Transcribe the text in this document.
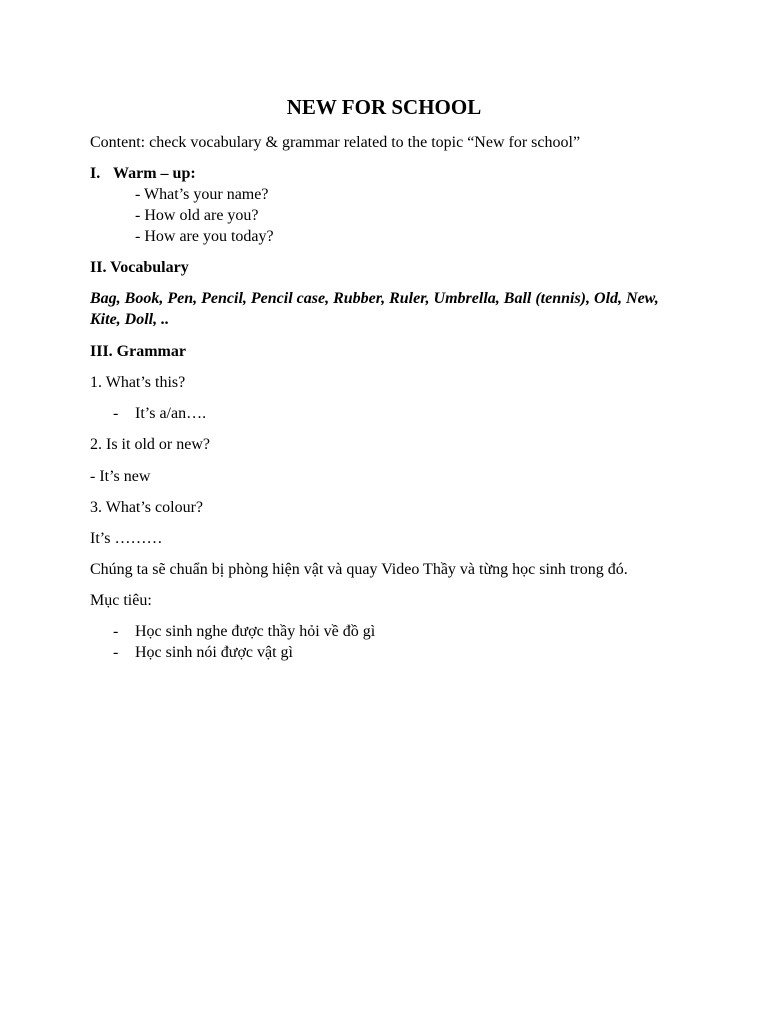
NEW FOR SCHOOL
Content: check vocabulary & grammar related to the topic “New for school”
I. Warm – up:
- What’s your name?
- How old are you?
- How are you today?
II. Vocabulary
Bag, Book, Pen, Pencil, Pencil case, Rubber, Ruler, Umbrella, Ball (tennis), Old, New,
Kite, Doll, ..
III. Grammar
1. What’s this?
- It’s a/an….
2. Is it old or new?
- It’s new
3. What’s colour?
It’s ………
Chúng ta sẽ chuẩn bị phòng hiện vật và quay Video Thầy và từng học sinh trong đó.
Mục tiêu:
- Học sinh nghe được thầy hỏi về đồ gì
- Học sinh nói được vật gì
